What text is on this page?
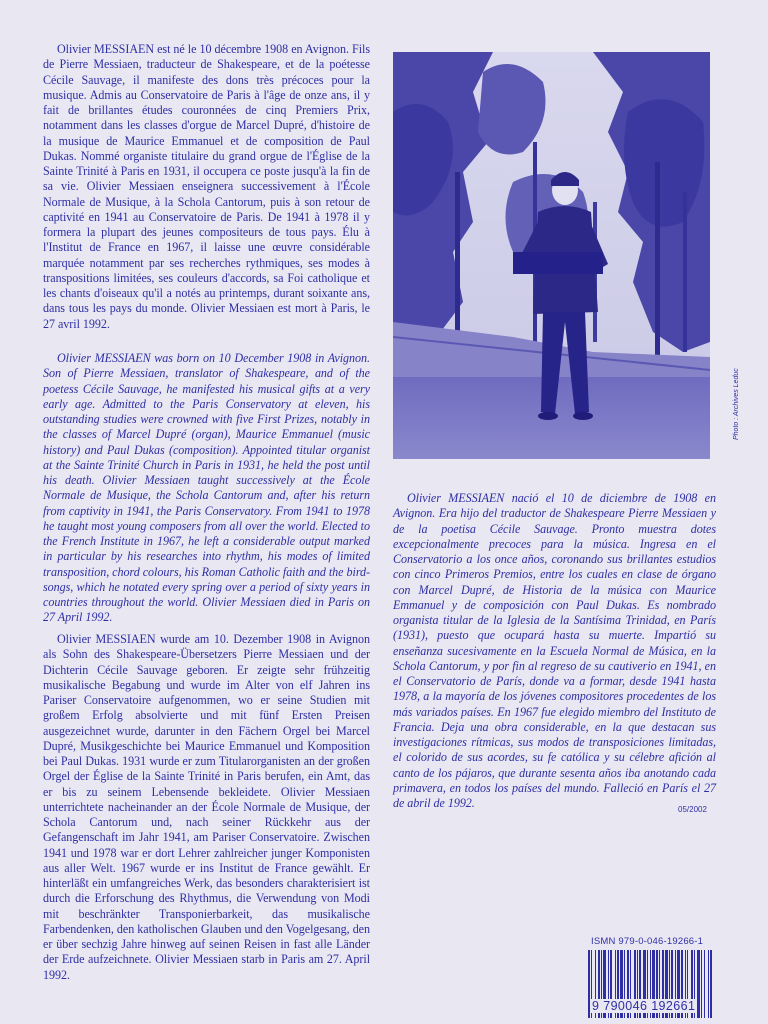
Olivier MESSIAEN est né le 10 décembre 1908 en Avignon. Fils de Pierre Messiaen, traducteur de Shakespeare, et de la poétesse Cécile Sauvage, il manifeste des dons très précoces pour la musique. Admis au Conservatoire de Paris à l'âge de onze ans, il y fait de brillantes études couronnées de cinq Premiers Prix, notamment dans les classes d'orgue de Marcel Dupré, d'histoire de la musique de Maurice Emmanuel et de composition de Paul Dukas. Nommé organiste titulaire du grand orgue de l'Église de la Sainte Trinité à Paris en 1931, il occupera ce poste jusqu'à la fin de sa vie. Olivier Messiaen enseignera successivement à l'École Normale de Musique, à la Schola Cantorum, puis à son retour de captivité en 1941 au Conservatoire de Paris. De 1941 à 1978 il y formera la plupart des jeunes compositeurs de tous pays. Élu à l'Institut de France en 1967, il laisse une œuvre considérable marquée notamment par ses recherches rythmiques, ses modes à transpositions limitées, ses couleurs d'accords, sa Foi catholique et les chants d'oiseaux qu'il a notés au printemps, durant soixante ans, dans tous les pays du monde. Olivier Messiaen est mort à Paris, le 27 avril 1992.

Olivier MESSIAEN was born on 10 December 1908 in Avignon. Son of Pierre Messiaen, translator of Shakespeare, and of the poetess Cécile Sauvage, he manifested his musical gifts at a very early age. Admitted to the Paris Conservatory at eleven, his outstanding studies were crowned with five First Prizes, notably in the classes of Marcel Dupré (organ), Maurice Emmanuel (music history) and Paul Dukas (composition). Appointed titular organist at the Sainte Trinité Church in Paris in 1931, he held the post until his death. Olivier Messiaen taught successively at the École Normale de Musique, the Schola Cantorum and, after his return from captivity in 1941, the Paris Conservatory. From 1941 to 1978 he taught most young composers from all over the world. Elected to the French Institute in 1967, he left a considerable output marked in particular by his researches into rhythm, his modes of limited transposition, chord colours, his Roman Catholic faith and the bird-songs, which he notated every spring over a period of sixty years in countries throughout the world. Olivier Messiaen died in Paris on 27 April 1992.

Olivier MESSIAEN wurde am 10. Dezember 1908 in Avignon als Sohn des Shakespeare-Übersetzers Pierre Messiaen und der Dichterin Cécile Sauvage geboren. Er zeigte sehr frühzeitig musikalische Begabung und wurde im Alter von elf Jahren ins Pariser Conservatoire aufgenommen, wo er seine Studien mit großem Erfolg absolvierte und mit fünf Ersten Preisen ausgezeichnet wurde, darunter in den Fächern Orgel bei Marcel Dupré, Musikgeschichte bei Maurice Emmanuel und Komposition bei Paul Dukas. 1931 wurde er zum Titularorganisten an der großen Orgel der Église de la Sainte Trinité in Paris berufen, ein Amt, das er bis zu seinem Lebensende bekleidete. Olivier Messiaen unterrichtete nacheinander an der École Normale de Musique, der Schola Cantorum und, nach seiner Rückkehr aus der Gefangenschaft im Jahr 1941, am Pariser Conservatoire. Zwischen 1941 und 1978 war er dort Lehrer zahlreicher junger Komponisten aus aller Welt. 1967 wurde er ins Institut de France gewählt. Er hinterläßt ein umfangreiches Werk, das besonders charakterisiert ist durch die Erforschung des Rhythmus, die Verwendung von Modi mit beschränkter Transponierbarkeit, das musikalische Farbendenken, den katholischen Glauben und den Vogelgesang, den er über sechzig Jahre hinweg auf seinen Reisen in fast alle Länder der Erde aufzeichnete. Olivier Messiaen starb in Paris am 27. April 1992.

Olivier MESSIAEN nació el 10 de diciembre de 1908 en Avignon. Era hijo del traductor de Shakespeare Pierre Messiaen y de la poetisa Cécile Sauvage. Pronto muestra dotes excepcionalmente precoces para la música. Ingresa en el Conservatorio a los once años, coronando sus brillantes estudios con cinco Primeros Premios, entre los cuales en clase de órgano con Marcel Dupré, de Historia de la música con Maurice Emmanuel y de composición con Paul Dukas. Es nombrado organista titular de la Iglesia de la Santísima Trinidad, en París (1931), puesto que ocupará hasta su muerte. Impartió su enseñanza sucesivamente en la Escuela Normal de Música, en la Schola Cantorum, y por fin al regreso de su cautiverio en 1941, en el Conservatorio de París, donde va a formar, desde 1941 hasta 1978, a la mayoría de los jóvenes compositores procedentes de los más variados países. En 1967 fue elegido miembro del Instituto de Francia. Deja una obra considerable, en la que destacan sus investigaciones rítmicas, sus modos de transposiciones limitadas, el colorido de sus acordes, su fe católica y su célebre afición al canto de los pájaros, que durante sesenta años iba anotando cada primavera, en todos los países del mundo. Falleció en París el 27 de abril de 1992.

Photo : Archives Leduc
05/2002
ISMN 979-0-046-19266-1
9 790046 192661
